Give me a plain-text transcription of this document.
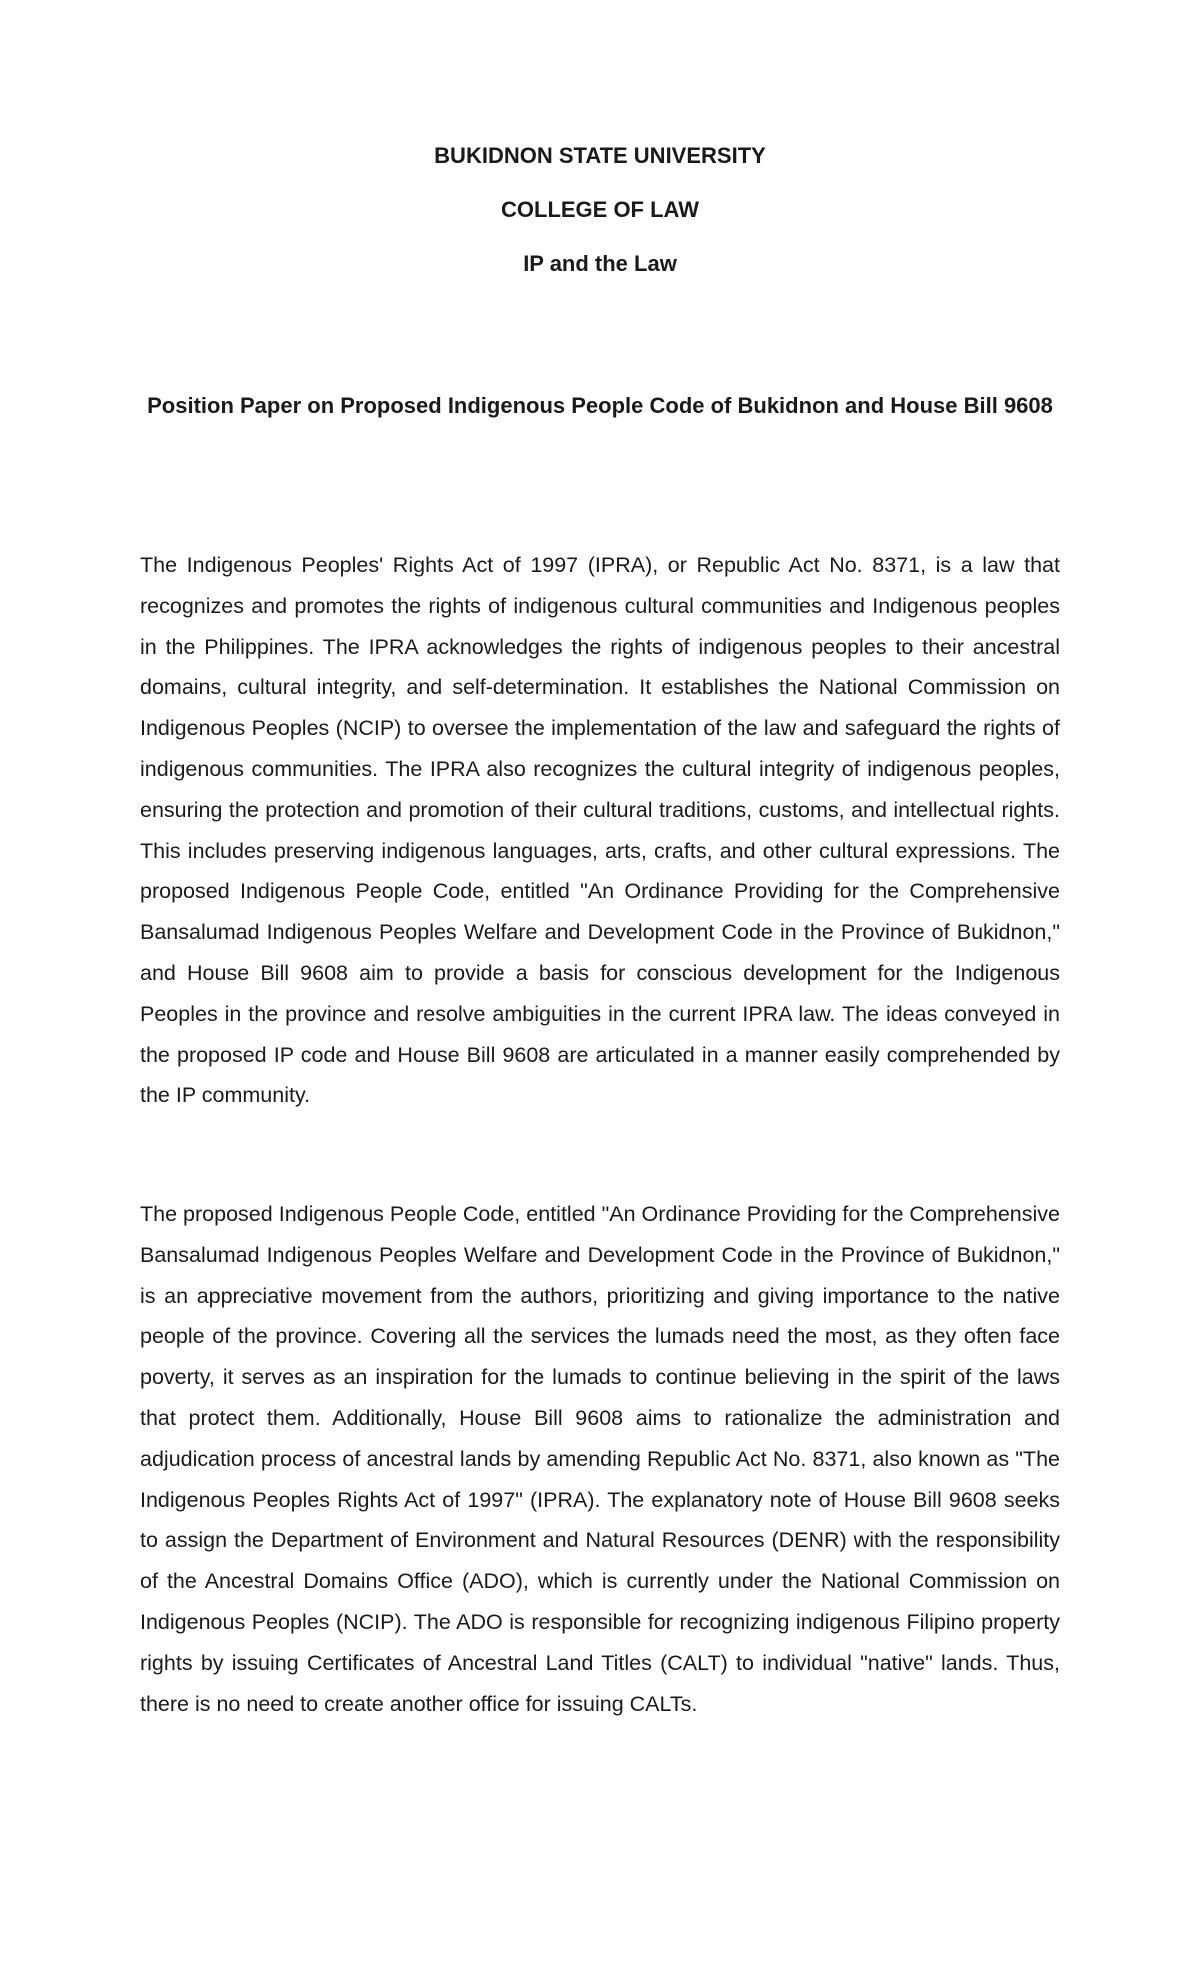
BUKIDNON STATE UNIVERSITY
COLLEGE OF LAW
IP and the Law
Position Paper on Proposed Indigenous People Code of Bukidnon and House Bill 9608

The Indigenous Peoples' Rights Act of 1997 (IPRA), or Republic Act No. 8371, is a law that recognizes and promotes the rights of indigenous cultural communities and Indigenous peoples in the Philippines. The IPRA acknowledges the rights of indigenous peoples to their ancestral domains, cultural integrity, and self-determination. It establishes the National Commission on Indigenous Peoples (NCIP) to oversee the implementation of the law and safeguard the rights of indigenous communities. The IPRA also recognizes the cultural integrity of indigenous peoples, ensuring the protection and promotion of their cultural traditions, customs, and intellectual rights. This includes preserving indigenous languages, arts, crafts, and other cultural expressions. The proposed Indigenous People Code, entitled "An Ordinance Providing for the Comprehensive Bansalumad Indigenous Peoples Welfare and Development Code in the Province of Bukidnon," and House Bill 9608 aim to provide a basis for conscious development for the Indigenous Peoples in the province and resolve ambiguities in the current IPRA law. The ideas conveyed in the proposed IP code and House Bill 9608 are articulated in a manner easily comprehended by the IP community.

The proposed Indigenous People Code, entitled "An Ordinance Providing for the Comprehensive Bansalumad Indigenous Peoples Welfare and Development Code in the Province of Bukidnon," is an appreciative movement from the authors, prioritizing and giving importance to the native people of the province. Covering all the services the lumads need the most, as they often face poverty, it serves as an inspiration for the lumads to continue believing in the spirit of the laws that protect them. Additionally, House Bill 9608 aims to rationalize the administration and adjudication process of ancestral lands by amending Republic Act No. 8371, also known as "The Indigenous Peoples Rights Act of 1997" (IPRA). The explanatory note of House Bill 9608 seeks to assign the Department of Environment and Natural Resources (DENR) with the responsibility of the Ancestral Domains Office (ADO), which is currently under the National Commission on Indigenous Peoples (NCIP). The ADO is responsible for recognizing indigenous Filipino property rights by issuing Certificates of Ancestral Land Titles (CALT) to individual "native" lands. Thus, there is no need to create another office for issuing CALTs.
